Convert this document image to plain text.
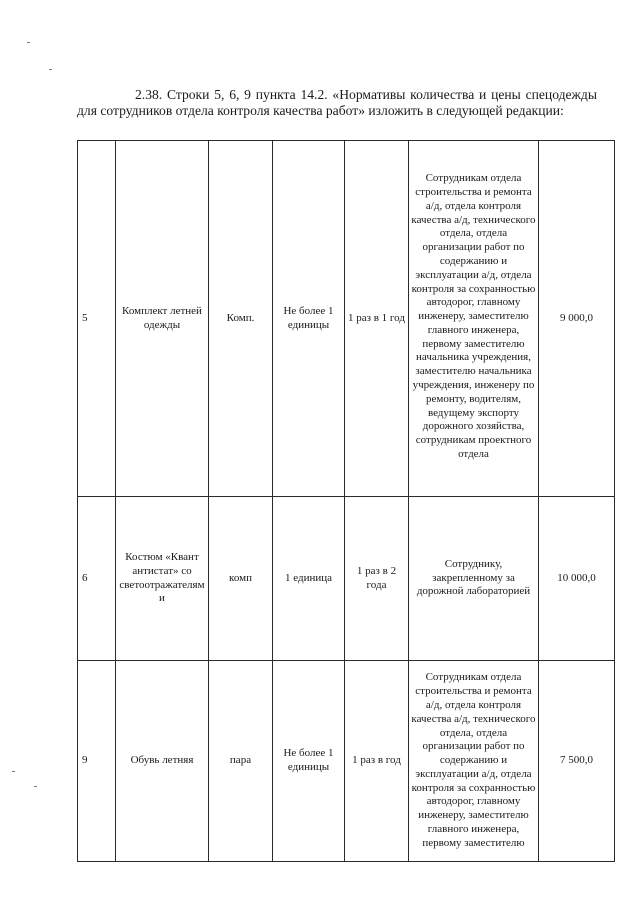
2.38. Строки 5, 6, 9 пункта 14.2. «Нормативы количества и цены спецодежды для сотрудников отдела контроля качества работ» изложить в следующей редакции:

5	Комплект летней одежды	Комп.	Не более 1 единицы	1 раз в 1 год	Сотрудникам отдела строительства и ремонта а/д, отдела контроля качества а/д, технического отдела, отдела организации работ по содержанию и эксплуатации а/д, отдела контроля за сохранностью автодорог, главному инженеру, заместителю главного инженера, первому заместителю начальника учреждения, заместителю начальника учреждения, инженеру по ремонту, водителям, ведущему экспорту дорожного хозяйства, сотрудникам проектного отдела	9 000,0
6	Костюм «Квант антистат» со светоотражателями	комп	1 единица	1 раз в 2 года	Сотруднику, закрепленному за дорожной лабораторией	10 000,0
9	Обувь летняя	пара	Не более 1 единицы	1 раз в год	Сотрудникам отдела строительства и ремонта а/д, отдела контроля качества а/д, технического отдела, отдела организации работ по содержанию и эксплуатации а/д, отдела контроля за сохранностью автодорог, главному инженеру, заместителю главного инженера, первому заместителю	7 500,0
